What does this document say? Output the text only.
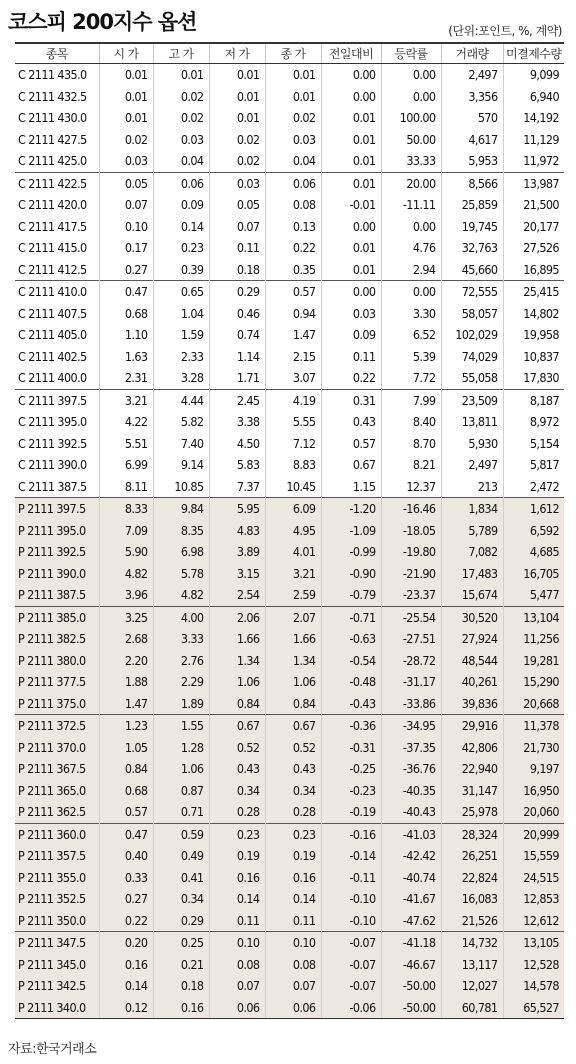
코스피 200지수 옵션	(단위:포인트, %, 계약)
종목	시 가	고 가	저 가	종 가	전일대비	등락률	거래량	미결제수량
C 2111 435.0	0.01	0.01	0.01	0.01	0.00	0.00	2,497	9,099
C 2111 432.5	0.01	0.02	0.01	0.01	0.00	0.00	3,356	6,940
C 2111 430.0	0.01	0.02	0.01	0.02	0.01	100.00	570	14,192
C 2111 427.5	0.02	0.03	0.02	0.03	0.01	50.00	4,617	11,129
C 2111 425.0	0.03	0.04	0.02	0.04	0.01	33.33	5,953	11,972
C 2111 422.5	0.05	0.06	0.03	0.06	0.01	20.00	8,566	13,987
C 2111 420.0	0.07	0.09	0.05	0.08	-0.01	-11.11	25,859	21,500
C 2111 417.5	0.10	0.14	0.07	0.13	0.00	0.00	19,745	20,177
C 2111 415.0	0.17	0.23	0.11	0.22	0.01	4.76	32,763	27,526
C 2111 412.5	0.27	0.39	0.18	0.35	0.01	2.94	45,660	16,895
C 2111 410.0	0.47	0.65	0.29	0.57	0.00	0.00	72,555	25,415
C 2111 407.5	0.68	1.04	0.46	0.94	0.03	3.30	58,057	14,802
C 2111 405.0	1.10	1.59	0.74	1.47	0.09	6.52	102,029	19,958
C 2111 402.5	1.63	2.33	1.14	2.15	0.11	5.39	74,029	10,837
C 2111 400.0	2.31	3.28	1.71	3.07	0.22	7.72	55,058	17,830
C 2111 397.5	3.21	4.44	2.45	4.19	0.31	7.99	23,509	8,187
C 2111 395.0	4.22	5.82	3.38	5.55	0.43	8.40	13,811	8,972
C 2111 392.5	5.51	7.40	4.50	7.12	0.57	8.70	5,930	5,154
C 2111 390.0	6.99	9.14	5.83	8.83	0.67	8.21	2,497	5,817
C 2111 387.5	8.11	10.85	7.37	10.45	1.15	12.37	213	2,472
P 2111 397.5	8.33	9.84	5.95	6.09	-1.20	-16.46	1,834	1,612
P 2111 395.0	7.09	8.35	4.83	4.95	-1.09	-18.05	5,789	6,592
P 2111 392.5	5.90	6.98	3.89	4.01	-0.99	-19.80	7,082	4,685
P 2111 390.0	4.82	5.78	3.15	3.21	-0.90	-21.90	17,483	16,705
P 2111 387.5	3.96	4.82	2.54	2.59	-0.79	-23.37	15,674	5,477
P 2111 385.0	3.25	4.00	2.06	2.07	-0.71	-25.54	30,520	13,104
P 2111 382.5	2.68	3.33	1.66	1.66	-0.63	-27.51	27,924	11,256
P 2111 380.0	2.20	2.76	1.34	1.34	-0.54	-28.72	48,544	19,281
P 2111 377.5	1.88	2.29	1.06	1.06	-0.48	-31.17	40,261	15,290
P 2111 375.0	1.47	1.89	0.84	0.84	-0.43	-33.86	39,836	20,668
P 2111 372.5	1.23	1.55	0.67	0.67	-0.36	-34.95	29,916	11,378
P 2111 370.0	1.05	1.28	0.52	0.52	-0.31	-37.35	42,806	21,730
P 2111 367.5	0.84	1.06	0.43	0.43	-0.25	-36.76	22,940	9,197
P 2111 365.0	0.68	0.87	0.34	0.34	-0.23	-40.35	31,147	16,950
P 2111 362.5	0.57	0.71	0.28	0.28	-0.19	-40.43	25,978	20,060
P 2111 360.0	0.47	0.59	0.23	0.23	-0.16	-41.03	28,324	20,999
P 2111 357.5	0.40	0.49	0.19	0.19	-0.14	-42.42	26,251	15,559
P 2111 355.0	0.33	0.41	0.16	0.16	-0.11	-40.74	22,824	24,515
P 2111 352.5	0.27	0.34	0.14	0.14	-0.10	-41.67	16,083	12,853
P 2111 350.0	0.22	0.29	0.11	0.11	-0.10	-47.62	21,526	12,612
P 2111 347.5	0.20	0.25	0.10	0.10	-0.07	-41.18	14,732	13,105
P 2111 345.0	0.16	0.21	0.08	0.08	-0.07	-46.67	13,117	12,528
P 2111 342.5	0.14	0.18	0.07	0.07	-0.07	-50.00	12,027	14,578
P 2111 340.0	0.12	0.16	0.06	0.06	-0.06	-50.00	60,781	65,527
자료:한국거래소
